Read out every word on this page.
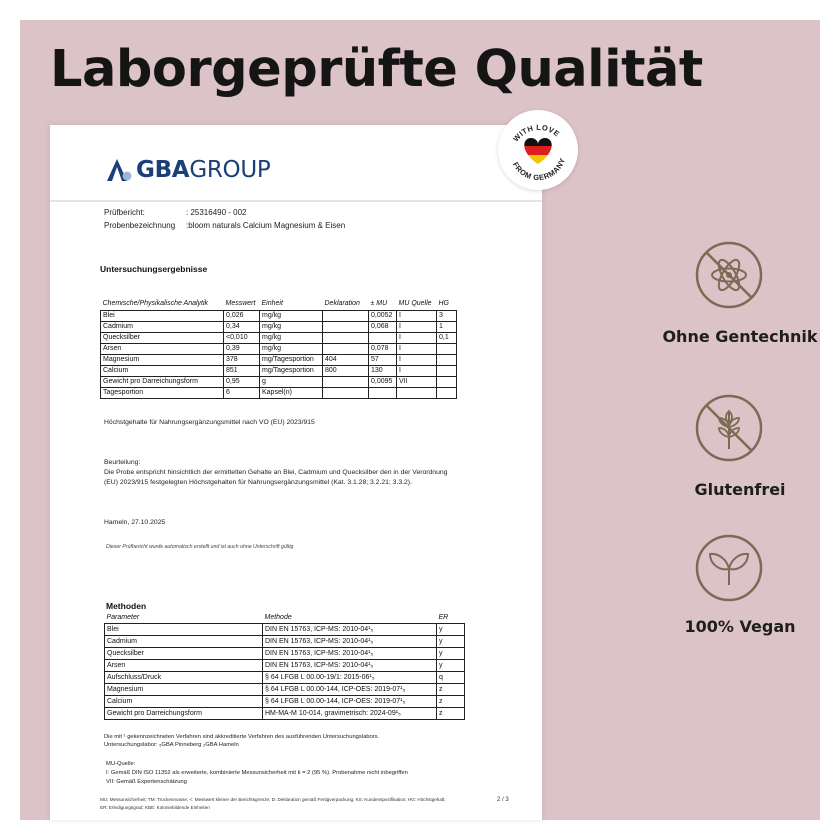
Laborgeprüfte Qualität
GBAGROUP
Prüfbericht:	: 25316490 - 002
Probenbezeichnung :bloom naturals Calcium Magnesium & Eisen
Untersuchungsergebnisse
Chemische/Physikalische Analytik	Messwert	Einheit	Deklaration	± MU	MU Quelle	HG
Blei	0,026	mg/kg		0,0052	I	3
Cadmium	0,34	mg/kg		0,068	I	1
Quecksilber	<0,010	mg/kg			I	0,1
Arsen	0,39	mg/kg		0,078	I	
Magnesium	378	mg/Tagesportion	404	57	I	
Calcium	851	mg/Tagesportion	800	130	I	
Gewicht pro Darreichungsform	0,95	g		0,0095	VII	
Tagesportion	6	Kapsel(n)				
Höchstgehalte für Nahrungsergänzungsmittel nach VO (EU) 2023/915
Beurteilung:
Die Probe entspricht hinsichtlich der ermittelten Gehalte an Blei, Cadmium und Quecksilber den in der Verordnung
(EU) 2023/915 festgelegten Höchstgehalten für Nahrungsergänzungsmittel (Kat. 3.1.28; 3.2.21; 3.3.2).
Hameln, 27.10.2025
Dieser Prüfbericht wurde automatisch erstellt und ist auch ohne Unterschrift gültig
Methoden
Parameter	Methode	ER
Blei	DIN EN 15763, ICP-MS: 2010-04¹₅	y
Cadmium	DIN EN 15763, ICP-MS: 2010-04¹₅	y
Quecksilber	DIN EN 15763, ICP-MS: 2010-04¹₅	y
Arsen	DIN EN 15763, ICP-MS: 2010-04¹₅	y
Aufschluss/Druck	§ 64 LFGB L 00.00-19/1: 2015-06¹₅	q
Magnesium	§ 64 LFGB L 00.00-144, ICP-OES: 2019-07¹₅	z
Calcium	§ 64 LFGB L 00.00-144, ICP-OES: 2019-07¹₅	z
Gewicht pro Darreichungsform	HM-MA-M 10-014, gravimetrisch: 2024-09¹₅	z
Die mit ¹ gekennzeichneten Verfahren sind akkreditierte Verfahren des ausführenden Untersuchungslabors.
Untersuchungslabor: ₅GBA Pinneberg ₂GBA Hameln
MU-Quelle:
I: Gemäß DIN ISO 11352 als erweiterte, kombinierte Messunsicherheit mit k = 2 (95 %). Probenahme nicht inbegriffen
VII: Gemäß Expertenschätzung
MU: Messunsicherheit; TM: Trockenmasse; <: Messwert kleiner der Berichtsgrenze; D: Deklaration gemäß Fertigverpackung; KS: Kundenspezifikation; HG: Höchstgehalt;
ER: Erledigungsgrad; KBE: Koloniebildende Einheiten
2 / 3
WITH LOVE
FROM GERMANY
Ohne Gentechnik
Glutenfrei
100% Vegan
